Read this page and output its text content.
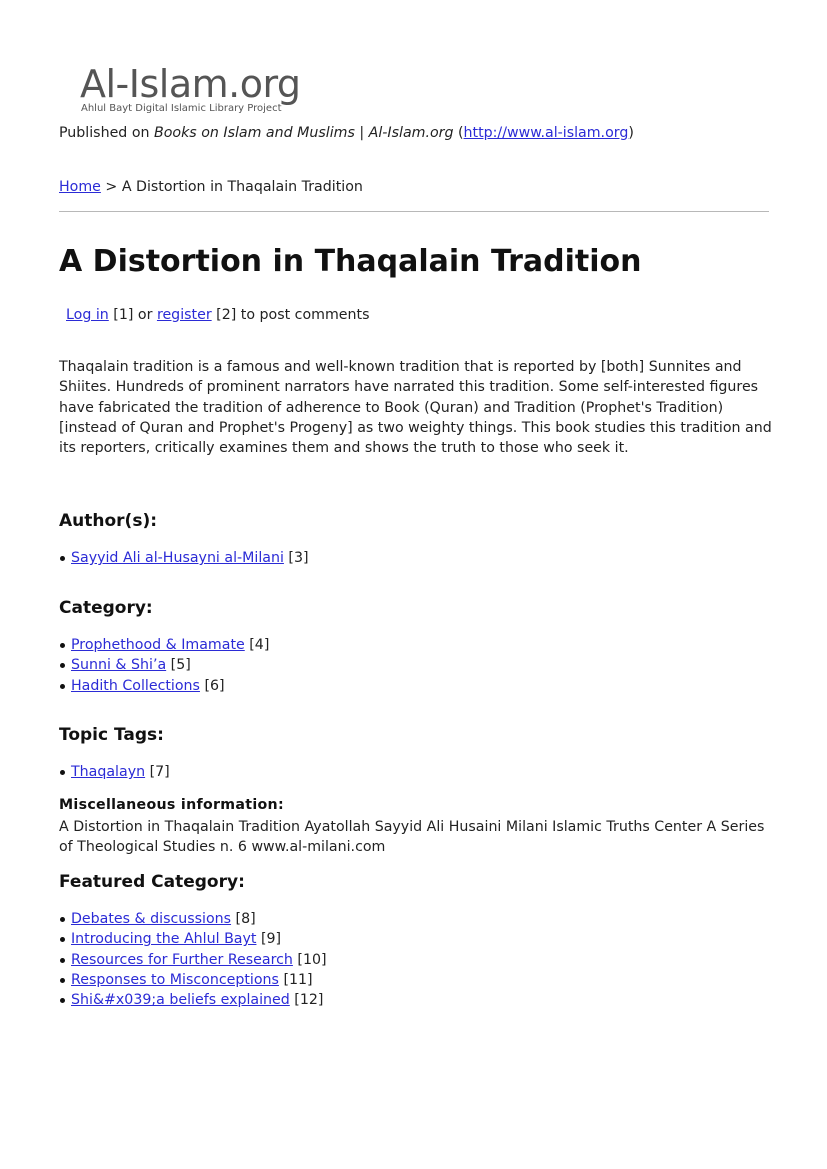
Al-Islam.org
Ahlul Bayt Digital Islamic Library Project
Published on Books on Islam and Muslims | Al-Islam.org (http://www.al-islam.org)
Home > A Distortion in Thaqalain Tradition
A Distortion in Thaqalain Tradition
Log in [1] or register [2] to post comments

Thaqalain tradition is a famous and well-known tradition that is reported by [both] Sunnites and Shiites. Hundreds of prominent narrators have narrated this tradition. Some self-interested figures have fabricated the tradition of adherence to Book (Quran) and Tradition (Prophet's Tradition) [instead of Quran and Prophet's Progeny] as two weighty things. This book studies this tradition and its reporters, critically examines them and shows the truth to those who seek it.

Author(s):
Sayyid Ali al-Husayni al-Milani [3]
Category:
Prophethood & Imamate [4]
Sunni & Shi’a [5]
Hadith Collections [6]
Topic Tags:
Thaqalayn [7]
Miscellaneous information:

A Distortion in Thaqalain Tradition Ayatollah Sayyid Ali Husaini Milani Islamic Truths Center A Series of Theological Studies n. 6 www.al-milani.com

Featured Category:
Debates & discussions [8]
Introducing the Ahlul Bayt [9]
Resources for Further Research [10]
Responses to Misconceptions [11]
Shi&#x039;a beliefs explained [12]
